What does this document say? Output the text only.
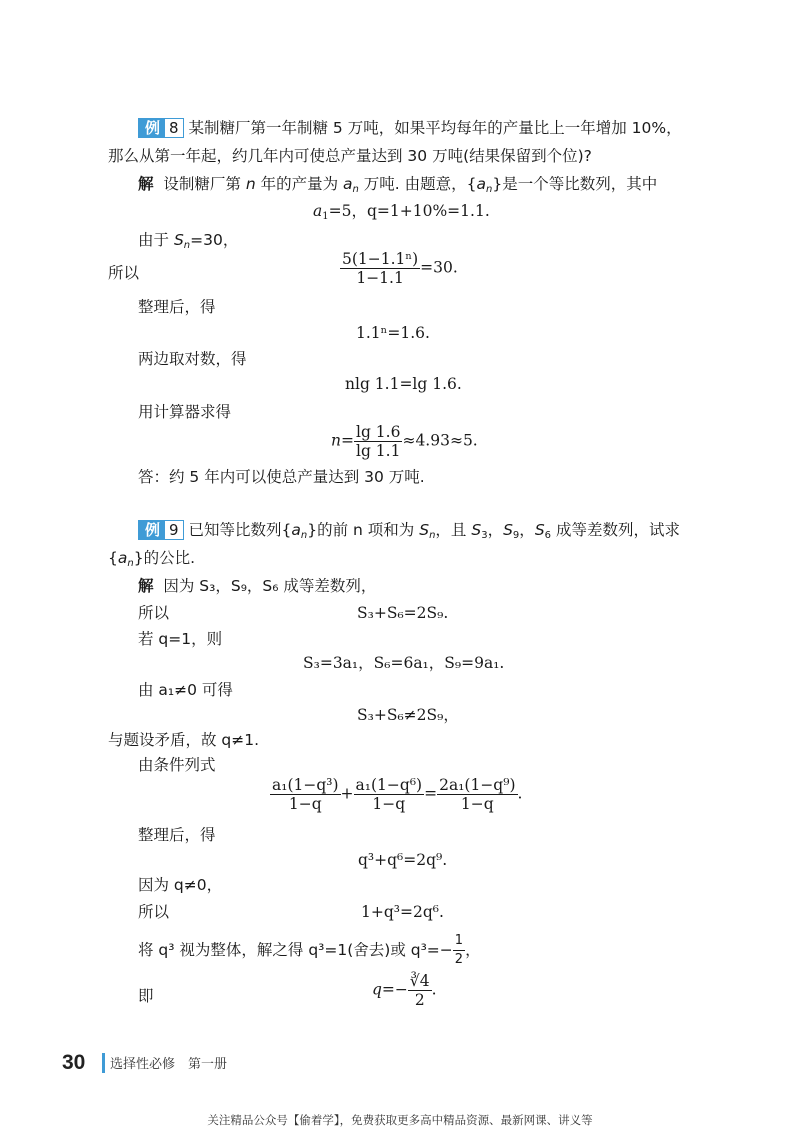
例 8 某制糖厂第一年制糖 5 万吨，如果平均每年的产量比上一年增加 10%，
那么从第一年起，约几年内可使总产量达到 30 万吨(结果保留到个位)?
解 设制糖厂第 n 年的产量为 $a_n$ 万吨. 由题意，$\{a_n\}$是一个等比数列，其中
$a_1=5$，q=1+10%=1.1.
由于 $S_n=30$，
所以	$\frac{\text{5(1−1.1ⁿ)}}{1-1.1} =30$.
整理后，得
1.1ⁿ=1.6.
两边取对数，得
nlg 1.1=lg 1.6.
用计算器求得
$n= \frac{\lg 1.6}{\lg 1.1} \approx 4.93\approx 5$.
答：约 5 年内可以使总产量达到 30 万吨.
例 9 已知等比数列$\{a_n\}$的前 n 项和为 $S_n$，且 $S_3$，$S_9$，$S_6$ 成等差数列，试求
$\{a_n\}$的公比.
解 因为 S₃，S₉，S₆ 成等差数列，
所以	S₃+S₆=2S₉.
若 q=1，则
S₃=3a₁，S₆=6a₁，S₉=9a₁.
由 a₁≠0 可得
S₃+S₆≠2S₉，
与题设矛盾，故 q≠1.
由条件列式
$\frac{\text{a₁(1−q³)}}{1-q} + \frac{\text{a₁(1−q⁶)}}{1-q} = \frac{\text{2a₁(1−q⁹)}}{1-q}$ .
整理后，得
q³+q⁶=2q⁹.
因为 q≠0，
所以	1+q³=2q⁶.
将 q³ 视为整体，解之得 q³=1(舍去)或 $q^3=- \frac{1}{2}$ ，
即	$q=- \frac{∛4}{2}$ .
30 选择性必修　第一册
关注精品公众号【偷着学】，免费获取更多高中精品资源、最新网课、讲义等
